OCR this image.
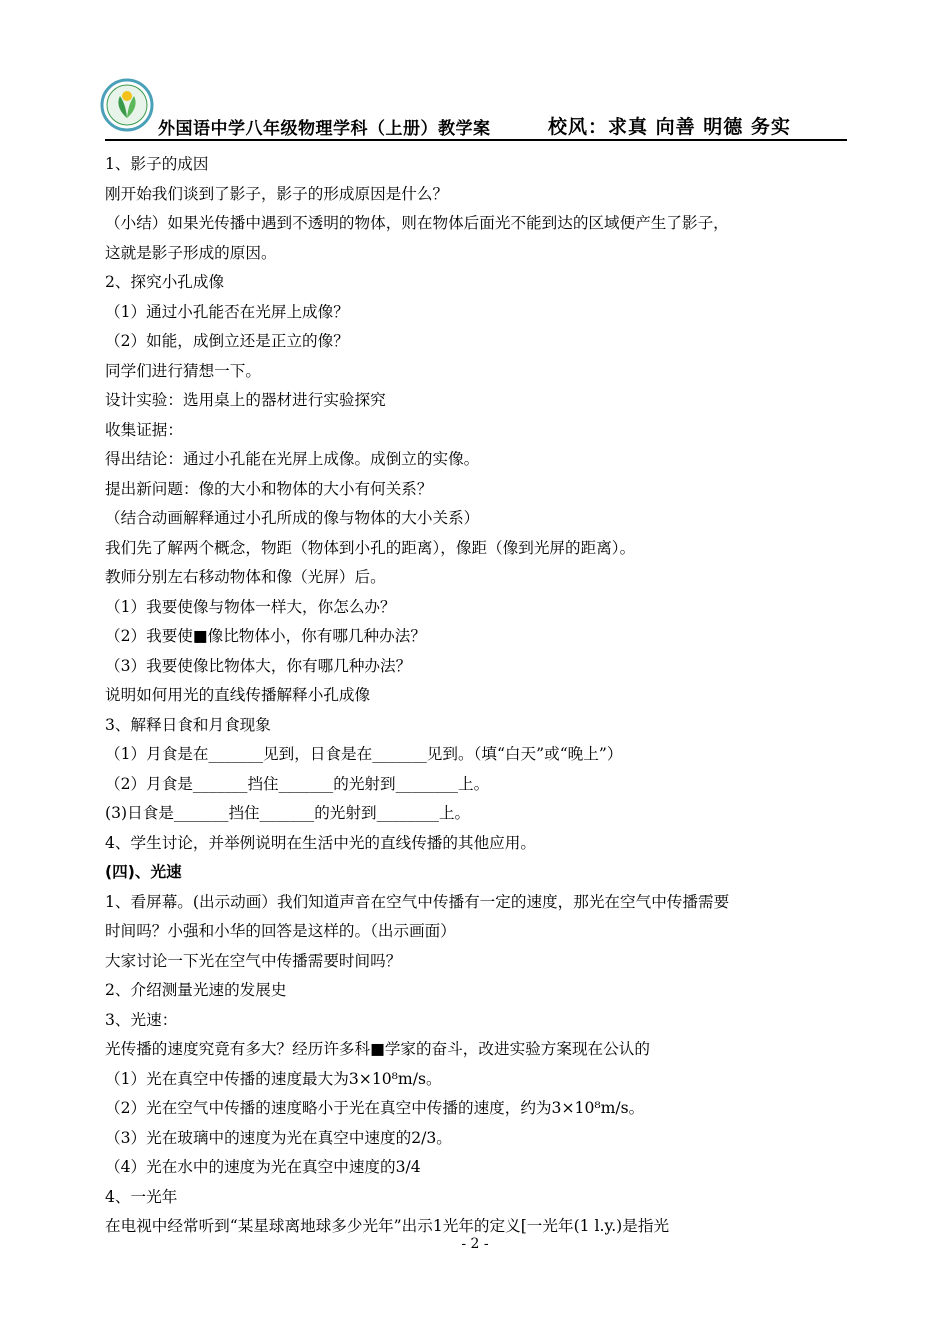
外国语中学八年级物理学科（上册）教学案	校风：求真 向善 明德 务实
1、影子的成因
刚开始我们谈到了影子，影子的形成原因是什么？
（小结）如果光传播中遇到不透明的物体，则在物体后面光不能到达的区域便产生了影子，
这就是影子形成的原因。
2、探究小孔成像
（1）通过小孔能否在光屏上成像？
（2）如能，成倒立还是正立的像？
同学们进行猜想一下。
设计实验：选用桌上的器材进行实验探究
收集证据：
得出结论：通过小孔能在光屏上成像。成倒立的实像。
提出新问题：像的大小和物体的大小有何关系？
（结合动画解释通过小孔所成的像与物体的大小关系）
我们先了解两个概念，物距（物体到小孔的距离），像距（像到光屏的距离）。
教师分别左右移动物体和像（光屏）后。
（1）我要使像与物体一样大，你怎么办？
（2）我要使■像比物体小，你有哪几种办法？
（3）我要使像比物体大，你有哪几种办法？
说明如何用光的直线传播解释小孔成像
3、解释日食和月食现象
（1）月食是在_______见到，日食是在_______见到。（填“白天”或“晚上”）
（2）月食是_______挡住_______的光射到________上。
(3)日食是_______挡住_______的光射到________上。
4、学生讨论，并举例说明在生活中光的直线传播的其他应用。
(四)、光速
1、看屏幕。(出示动画）我们知道声音在空气中传播有一定的速度，那光在空气中传播需要
时间吗？小强和小华的回答是这样的。（出示画面）
大家讨论一下光在空气中传播需要时间吗？
2、介绍测量光速的发展史
3、光速：
光传播的速度究竟有多大？经历许多科■学家的奋斗，改进实验方案现在公认的
（1）光在真空中传播的速度最大为3×10⁸m/s。
（2）光在空气中传播的速度略小于光在真空中传播的速度，约为3×10⁸m/s。
（3）光在玻璃中的速度为光在真空中速度的2/3。
（4）光在水中的速度为光在真空中速度的3/4
4、一光年
在电视中经常听到“某星球离地球多少光年”出示1光年的定义[一光年(1 l.y.)是指光
- 2 -
